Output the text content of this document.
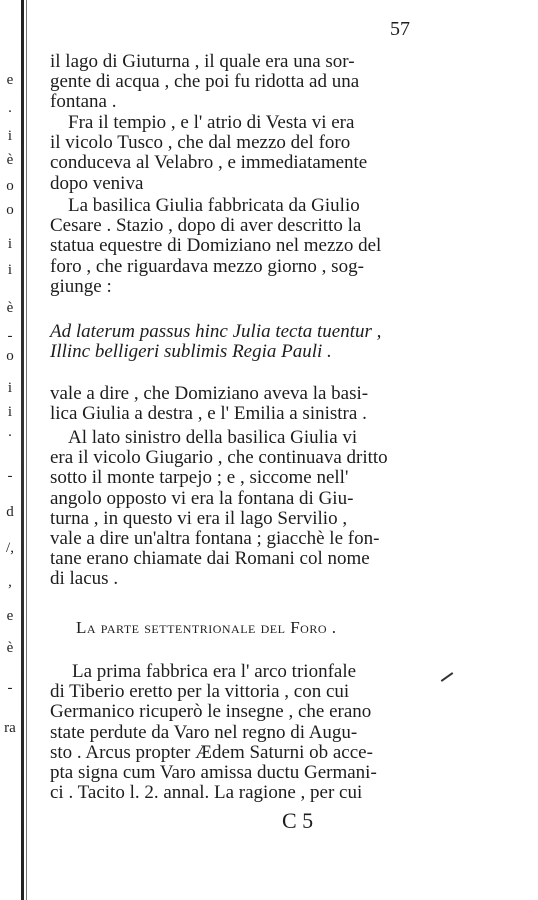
e
.
i
è
o
o
i
i
è
-
o
i
i
.
-
d
/,
,
e
è
-
ra
57
il lago di Giuturna , il quale era una sor-
gente di acqua , che poi fu ridotta ad una
fontana .
Fra il tempio , e l' atrio di Vesta vi era
il vicolo Tusco , che dal mezzo del foro
conduceva al Velabro , e immediatamente
dopo veniva
La basilica Giulia fabbricata da Giulio
Cesare . Stazio , dopo di aver descritto la
statua equestre di Domiziano nel mezzo del
foro , che riguardava mezzo giorno , sog-
giunge :
Ad laterum passus hinc Julia tecta tuentur ,
Illinc belligeri sublimis Regia Pauli .
vale a dire , che Domiziano aveva la basi-
lica Giulia a destra , e l' Emilia a sinistra .
Al lato sinistro della basilica Giulia vi
era il vicolo Giugario , che continuava dritto
sotto il monte tarpejo ; e , siccome nell'
angolo opposto vi era la fontana di Giu-
turna , in questo vi era il lago Servilio ,
vale a dire un'altra fontana ; giacchè le fon-
tane erano chiamate dai Romani col nome
di lacus .
La parte settentrionale del Foro .
La prima fabbrica era l' arco trionfale
di Tiberio eretto per la vittoria , con cui
Germanico ricuperò le insegne , che erano
state perdute da Varo nel regno di Augu-
sto . Arcus propter Ædem Saturni ob acce-
pta signa cum Varo amissa ductu Germani-
ci . Tacito l. 2. annal. La ragione , per cui
C 5
